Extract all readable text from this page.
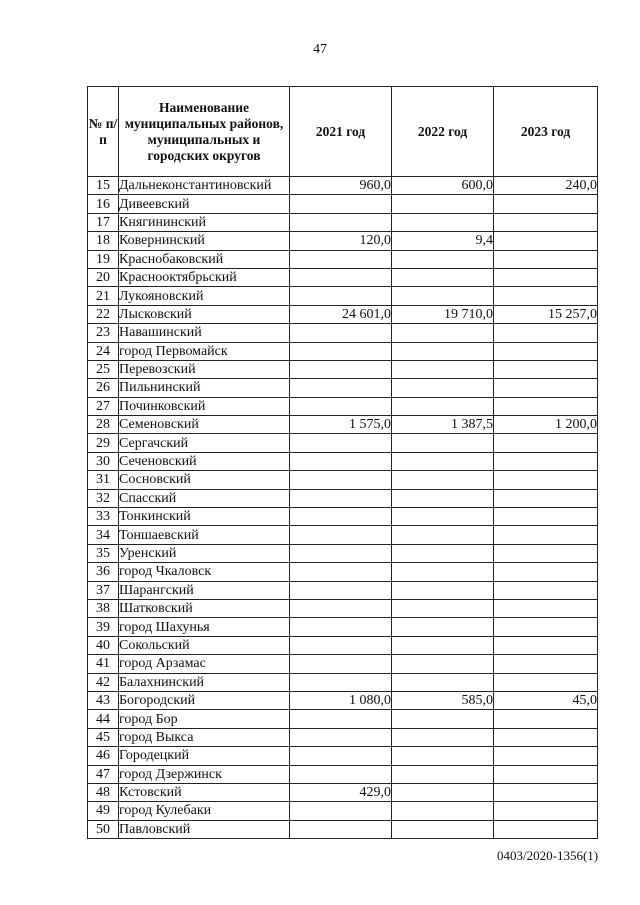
47
№ п/п	Наименование муниципальных районов, муниципальных и городских округов	2021 год	2022 год	2023 год
15	Дальнеконстантиновский	960,0	600,0	240,0
16	Дивеевский			
17	Княгининский			
18	Ковернинский	120,0	9,4	
19	Краснобаковский			
20	Краснооктябрьский			
21	Лукояновский			
22	Лысковский	24 601,0	19 710,0	15 257,0
23	Навашинский			
24	город Первомайск			
25	Перевозский			
26	Пильнинский			
27	Починковский			
28	Семеновский	1 575,0	1 387,5	1 200,0
29	Сергачский			
30	Сеченовский			
31	Сосновский			
32	Спасский			
33	Тонкинский			
34	Тоншаевский			
35	Уренский			
36	город Чкаловск			
37	Шарангский			
38	Шатковский			
39	город Шахунья			
40	Сокольский			
41	город Арзамас			
42	Балахнинский			
43	Богородский	1 080,0	585,0	45,0
44	город Бор			
45	город Выкса			
46	Городецкий			
47	город Дзержинск			
48	Кстовский	429,0		
49	город Кулебаки			
50	Павловский			
0403/2020-1356(1)
